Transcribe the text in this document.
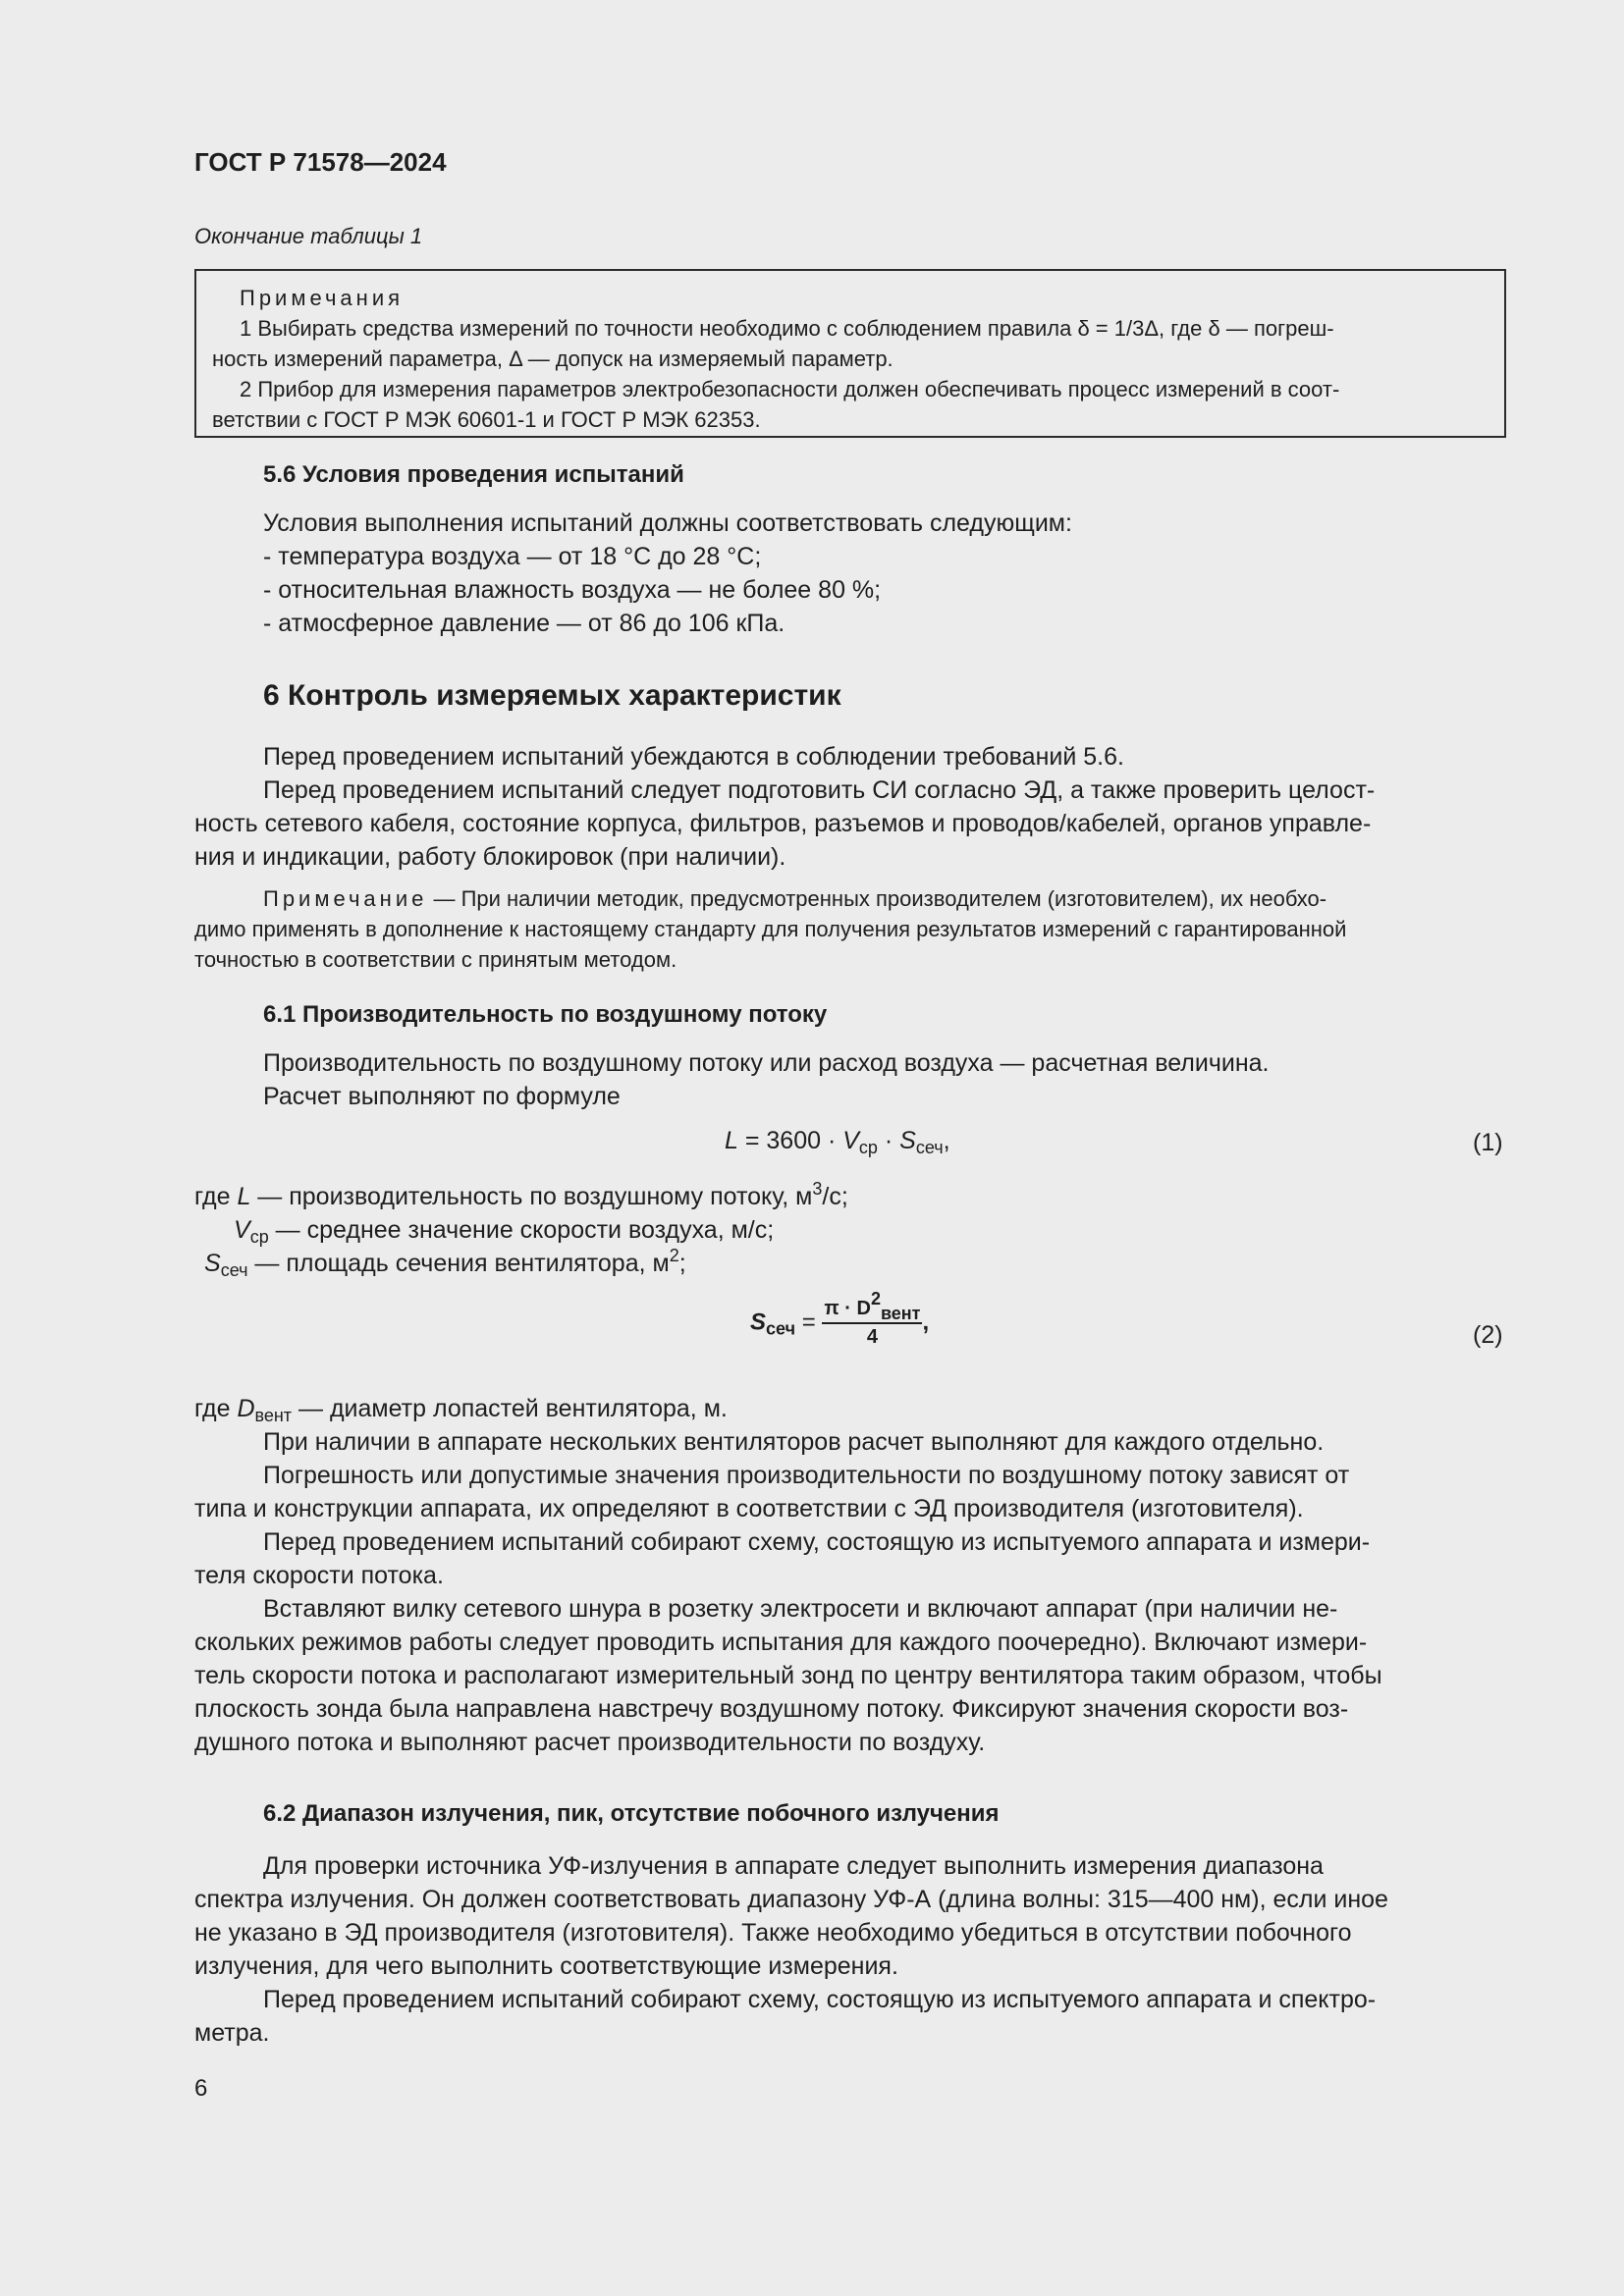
ГОСТ Р 71578—2024
Окончание таблицы 1
Примечания
1 Выбирать средства измерений по точности необходимо с соблюдением правила δ = 1/3Δ, где δ — погреш-
ность измерений параметра, Δ — допуск на измеряемый параметр.
2 Прибор для измерения параметров электробезопасности должен обеспечивать процесс измерений в соот-
ветствии с ГОСТ Р МЭК 60601-1 и ГОСТ Р МЭК 62353.
5.6 Условия проведения испытаний
Условия выполнения испытаний должны соответствовать следующим:
- температура воздуха — от 18 °С до 28 °С;
- относительная влажность воздуха — не более 80 %;
- атмосферное давление — от 86 до 106 кПа.
6 Контроль измеряемых характеристик
Перед проведением испытаний убеждаются в соблюдении требований 5.6.
Перед проведением испытаний следует подготовить СИ согласно ЭД, а также проверить целост-
ность сетевого кабеля, состояние корпуса, фильтров, разъемов и проводов/кабелей, органов управле-
ния и индикации, работу блокировок (при наличии).
Примечание — При наличии методик, предусмотренных производителем (изготовителем), их необхо-
димо применять в дополнение к настоящему стандарту для получения результатов измерений с гарантированной
точностью в соответствии с принятым методом.
6.1 Производительность по воздушному потоку
Производительность по воздушному потоку или расход воздуха — расчетная величина.
Расчет выполняют по формуле
$L = 3600 \cdot V_{ср} \cdot S_{сеч}$,	(1)
где L — производительность по воздушному потоку, $м^3/с$;
$V_{ср}$ — среднее значение скорости воздуха, м/с;
$S_{сеч}$ — площадь сечения вентилятора, $м^2$;
$S_{сеч} = \frac{\pi \cdot D^2_{вент}}{4}$ ,	(2)
где $D_{вент}$ — диаметр лопастей вентилятора, м.
При наличии в аппарате нескольких вентиляторов расчет выполняют для каждого отдельно.
Погрешность или допустимые значения производительности по воздушному потоку зависят от
типа и конструкции аппарата, их определяют в соответствии с ЭД производителя (изготовителя).
Перед проведением испытаний собирают схему, состоящую из испытуемого аппарата и измери-
теля скорости потока.
Вставляют вилку сетевого шнура в розетку электросети и включают аппарат (при наличии не-
скольких режимов работы следует проводить испытания для каждого поочередно). Включают измери-
тель скорости потока и располагают измерительный зонд по центру вентилятора таким образом, чтобы
плоскость зонда была направлена навстречу воздушному потоку. Фиксируют значения скорости воз-
душного потока и выполняют расчет производительности по воздуху.
6.2 Диапазон излучения, пик, отсутствие побочного излучения
Для проверки источника УФ-излучения в аппарате следует выполнить измерения диапазона
спектра излучения. Он должен соответствовать диапазону УФ-А (длина волны: 315—400 нм), если иное
не указано в ЭД производителя (изготовителя). Также необходимо убедиться в отсутствии побочного
излучения, для чего выполнить соответствующие измерения.
Перед проведением испытаний собирают схему, состоящую из испытуемого аппарата и спектро-
метра.
6
